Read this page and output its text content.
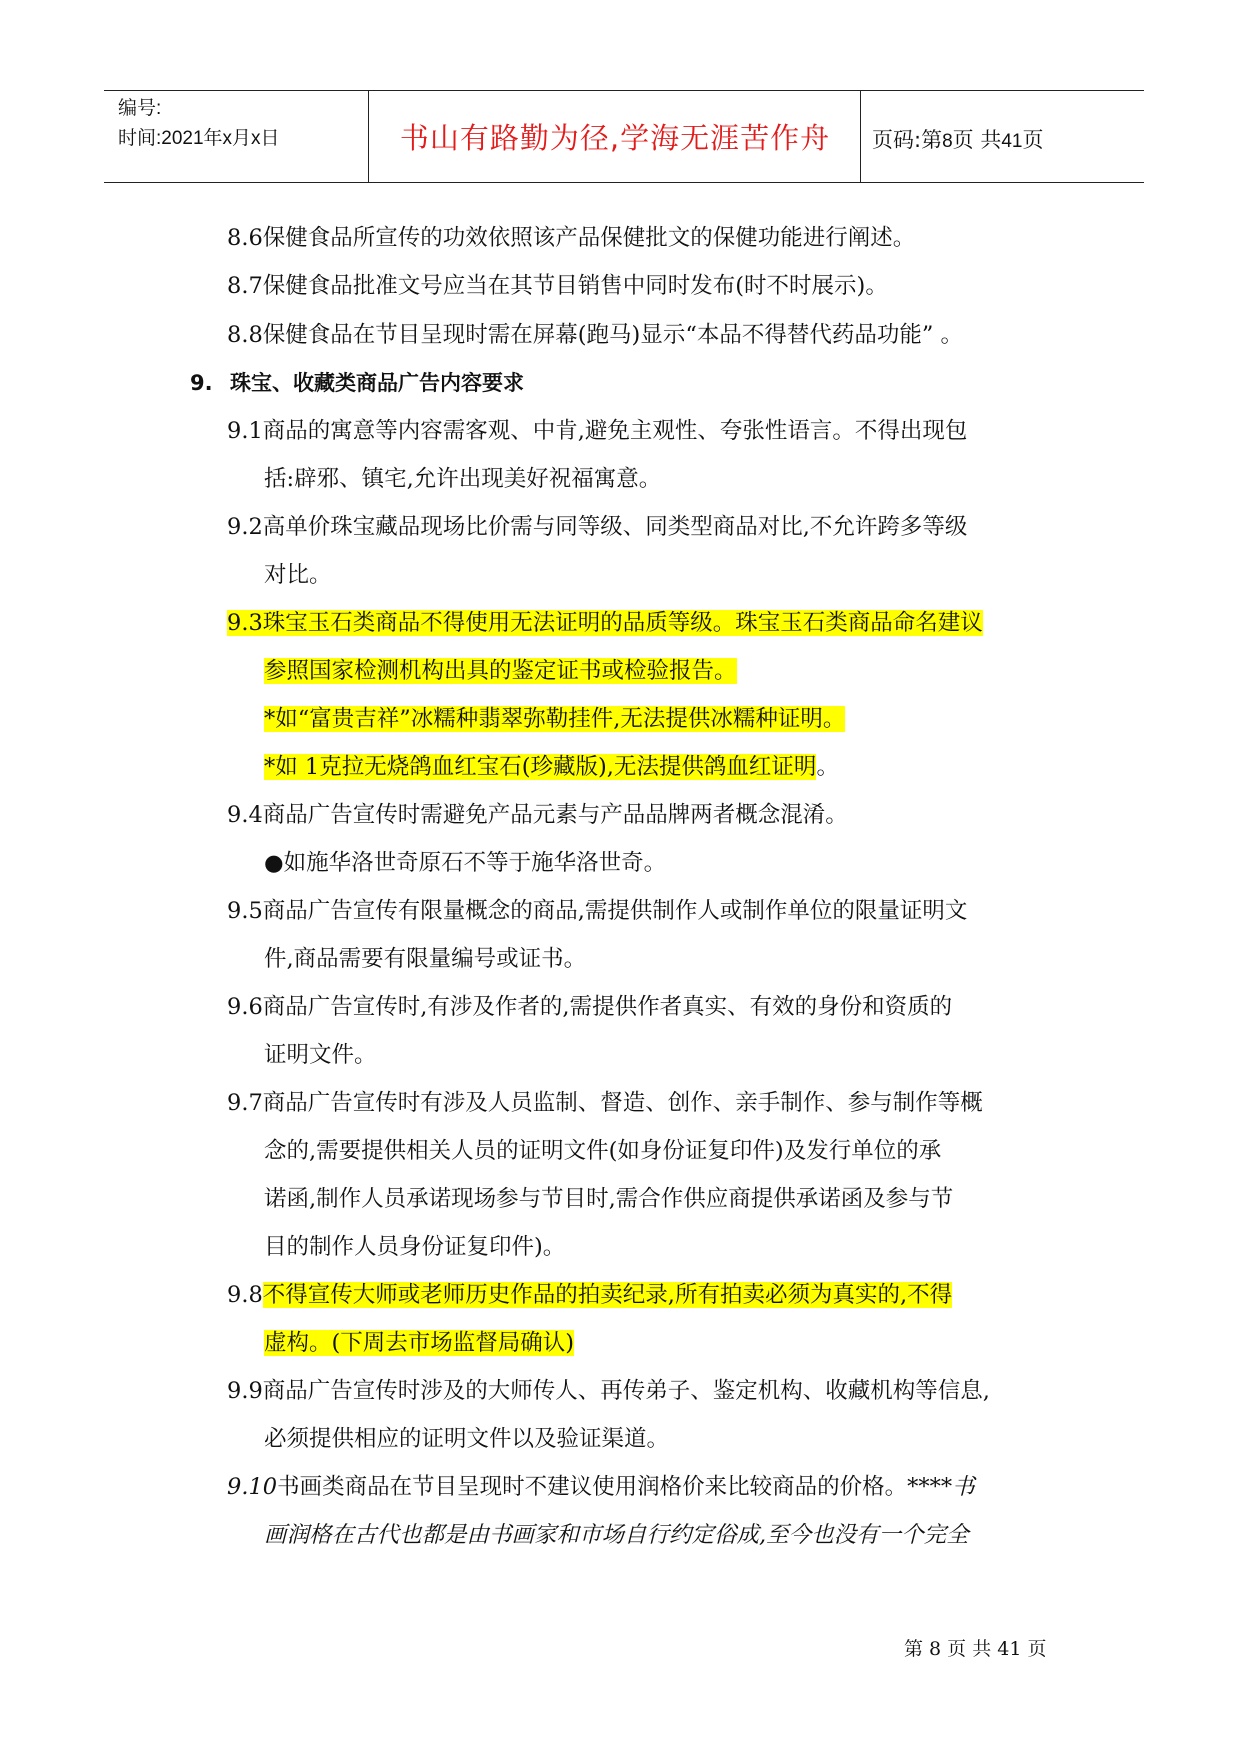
编号:
时间:2021年x月x日	书山有路勤为径,学海无涯苦作舟	页码:第8页 共41页
8.6保健食品所宣传的功效依照该产品保健批文的保健功能进行阐述。
8.7保健食品批准文号应当在其节目销售中同时发布(时不时展示)。
8.8保健食品在节目呈现时需在屏幕(跑马)显示“本品不得替代药品功能” 。
9. 珠宝、收藏类商品广告内容要求
9.1商品的寓意等内容需客观、中肯,避免主观性、夸张性语言。不得出现包
括:辟邪、镇宅,允许出现美好祝福寓意。
9.2高单价珠宝藏品现场比价需与同等级、同类型商品对比,不允许跨多等级
对比。
9.3珠宝玉石类商品不得使用无法证明的品质等级。珠宝玉石类商品命名建议
参照国家检测机构出具的鉴定证书或检验报告。
*如“富贵吉祥”冰糯种翡翠弥勒挂件,无法提供冰糯种证明。
*如 1克拉无烧鸽血红宝石(珍藏版),无法提供鸽血红证明。
9.4商品广告宣传时需避免产品元素与产品品牌两者概念混淆。
●如施华洛世奇原石不等于施华洛世奇。
9.5商品广告宣传有限量概念的商品,需提供制作人或制作单位的限量证明文
件,商品需要有限量编号或证书。
9.6商品广告宣传时,有涉及作者的,需提供作者真实、有效的身份和资质的
证明文件。
9.7商品广告宣传时有涉及人员监制、督造、创作、亲手制作、参与制作等概
念的,需要提供相关人员的证明文件(如身份证复印件)及发行单位的承
诺函,制作人员承诺现场参与节目时,需合作供应商提供承诺函及参与节
目的制作人员身份证复印件)。
9.8不得宣传大师或老师历史作品的拍卖纪录,所有拍卖必须为真实的,不得
虚构。(下周去市场监督局确认)
9.9商品广告宣传时涉及的大师传人、再传弟子、鉴定机构、收藏机构等信息,
必须提供相应的证明文件以及验证渠道。
9.10书画类商品在节目呈现时不建议使用润格价来比较商品的价格。****书
画润格在古代也都是由书画家和市场自行约定俗成,至今也没有一个完全
第 8 页 共 41 页
